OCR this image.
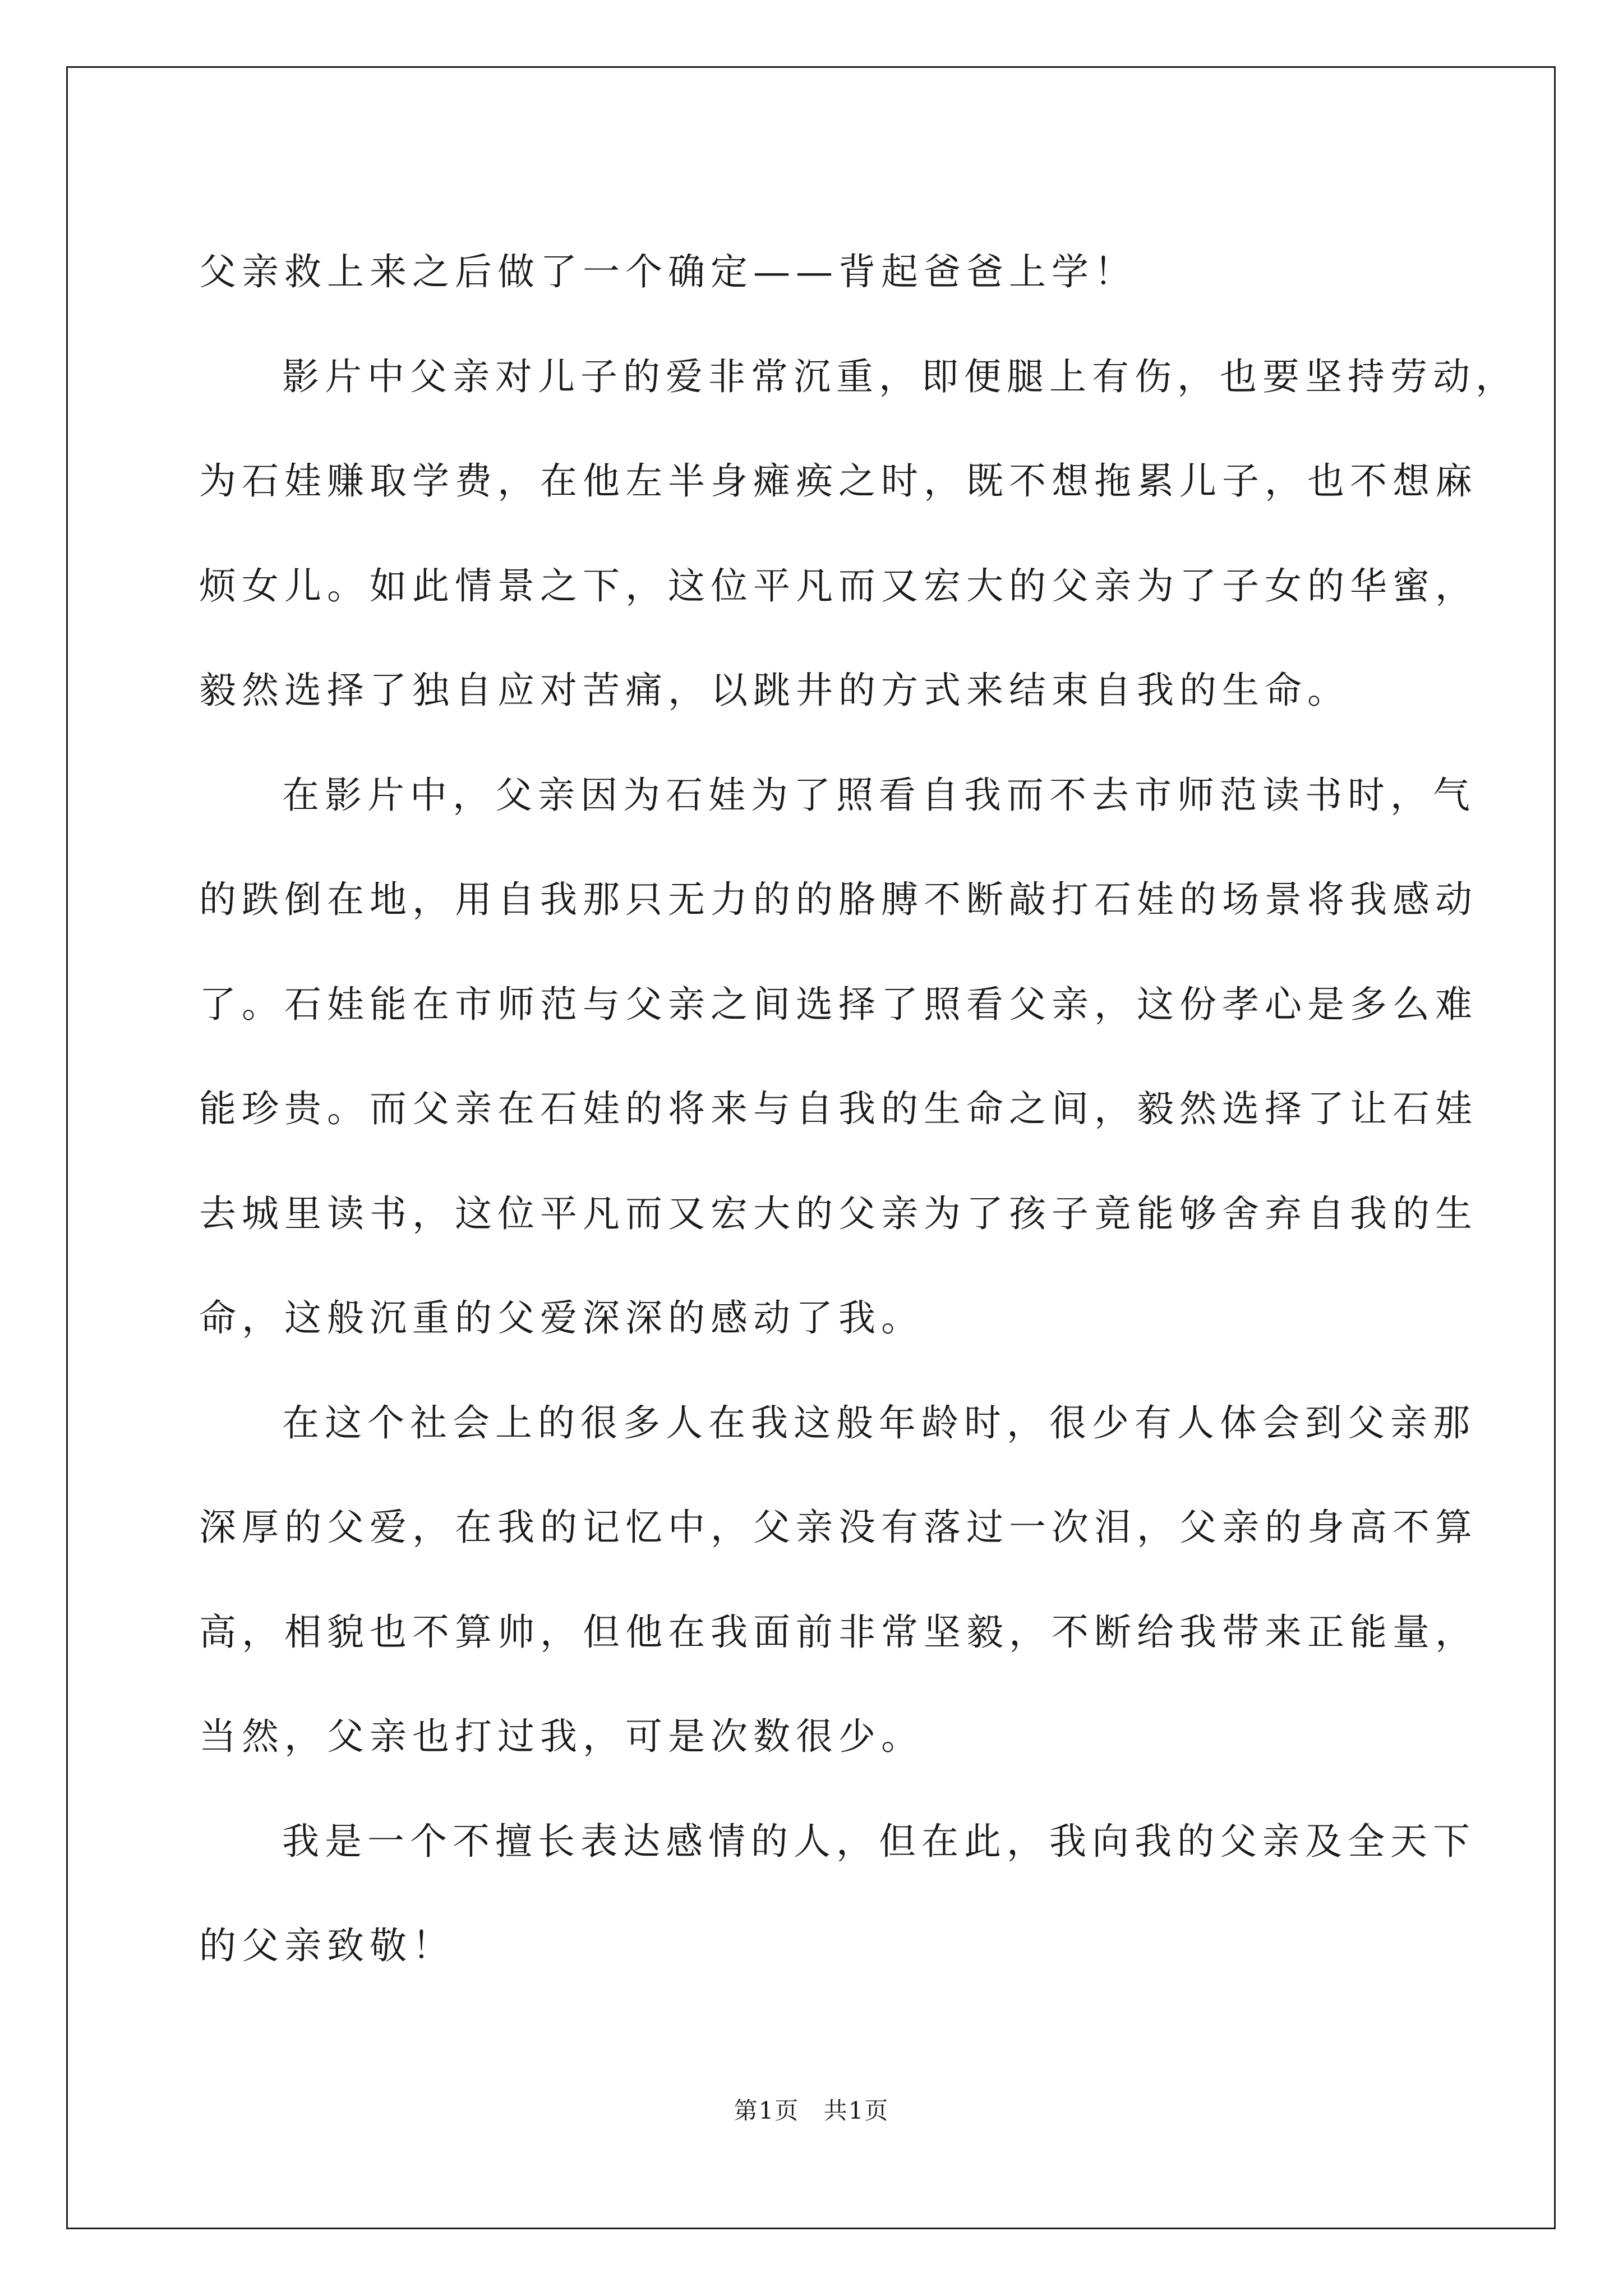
父亲救上来之后做了一个确定——背起爸爸上学！
影片中父亲对儿子的爱非常沉重，即便腿上有伤，也要坚持劳动，
为石娃赚取学费，在他左半身瘫痪之时，既不想拖累儿子，也不想麻
烦女儿。如此情景之下，这位平凡而又宏大的父亲为了子女的华蜜，
毅然选择了独自应对苦痛，以跳井的方式来结束自我的生命。
在影片中，父亲因为石娃为了照看自我而不去市师范读书时，气
的跌倒在地，用自我那只无力的的胳膊不断敲打石娃的场景将我感动
了。石娃能在市师范与父亲之间选择了照看父亲，这份孝心是多么难
能珍贵。而父亲在石娃的将来与自我的生命之间，毅然选择了让石娃
去城里读书，这位平凡而又宏大的父亲为了孩子竟能够舍弃自我的生
命，这般沉重的父爱深深的感动了我。
在这个社会上的很多人在我这般年龄时，很少有人体会到父亲那
深厚的父爱，在我的记忆中，父亲没有落过一次泪，父亲的身高不算
高，相貌也不算帅，但他在我面前非常坚毅，不断给我带来正能量，
当然，父亲也打过我，可是次数很少。
我是一个不擅长表达感情的人，但在此，我向我的父亲及全天下
的父亲致敬！
第1页 共1页
